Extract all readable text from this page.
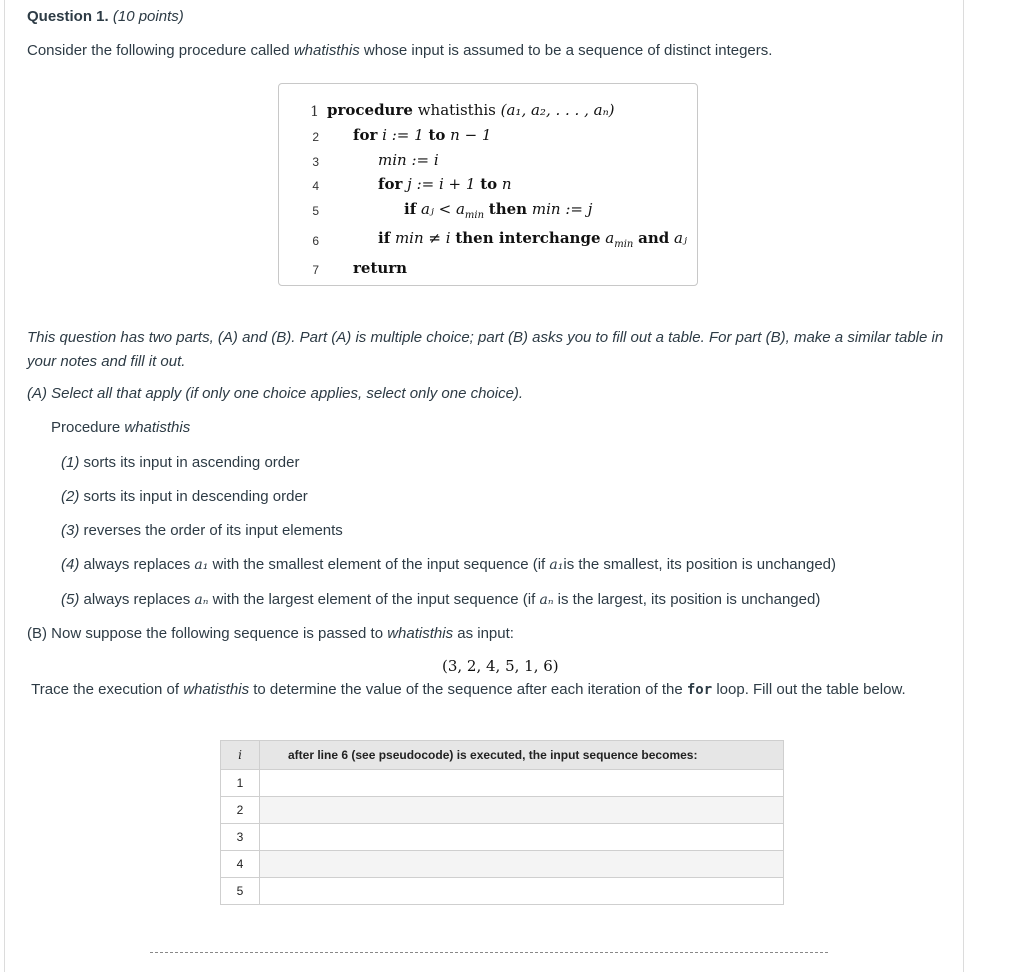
Question 1. (10 points)
Consider the following procedure called whatisthis whose input is assumed to be a sequence of distinct integers.
1 procedure whatisthis (a₁, a₂, . . . , aₙ)
2 for i := 1 to n − 1
3	min := i
4	for j := i + 1 to n
5	if aⱼ < $a_{min}$ then min := j
6	if min ≠ i then interchange $a_{min}$ and aⱼ
7 return
This question has two parts, (A) and (B). Part (A) is multiple choice; part (B) asks you to fill out a table. For part (B), make a similar table in your notes and fill it out.
(A) Select all that apply (if only one choice applies, select only one choice).
Procedure whatisthis
(1) sorts its input in ascending order
(2) sorts its input in descending order
(3) reverses the order of its input elements
(4) always replaces a₁ with the smallest element of the input sequence (if a₁is the smallest, its position is unchanged)
(5) always replaces aₙ with the largest element of the input sequence (if aₙ is the largest, its position is unchanged)
(B) Now suppose the following sequence is passed to whatisthis as input:
(3, 2, 4, 5, 1, 6)
Trace the execution of whatisthis to determine the value of the sequence after each iteration of the for loop. Fill out the table below.
i	after line 6 (see pseudocode) is executed, the input sequence becomes:
1	
2	
3	
4	
5	
